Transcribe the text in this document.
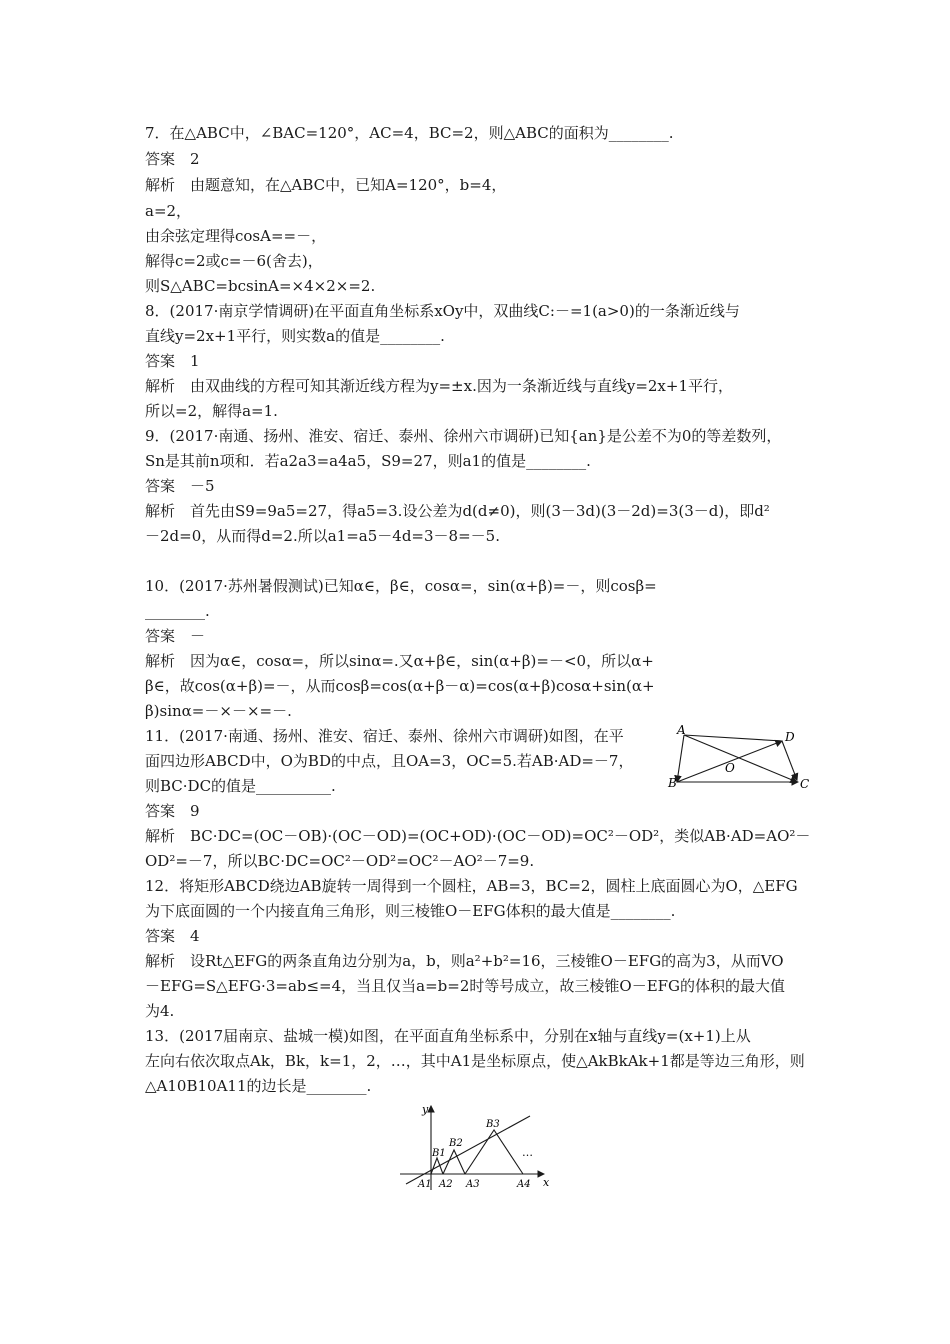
7．在△ABC中，∠BAC=120°，AC=4，BC=2，则△ABC的面积为________.
答案　2
解析　由题意知，在△ABC中，已知A=120°，b=4，
a=2，
由余弦定理得cosA==－，
解得c=2或c=－6(舍去)，
则S△ABC=bcsinA=×4×2×=2.
8．(2017·南京学情调研)在平面直角坐标系xOy中，双曲线C:－=1(a>0)的一条渐近线与
直线y=2x+1平行，则实数a的值是________.
答案　1
解析　由双曲线的方程可知其渐近线方程为y=±x.因为一条渐近线与直线y=2x+1平行，
所以=2，解得a=1.
9．(2017·南通、扬州、淮安、宿迁、泰州、徐州六市调研)已知{an}是公差不为0的等差数列，
Sn是其前n项和．若a2a3=a4a5，S9=27，则a1的值是________.
答案　－5
解析　首先由S9=9a5=27，得a5=3.设公差为d(d≠0)，则(3－3d)(3－2d)=3(3－d)，即d²
－2d=0，从而得d=2.所以a1=a5－4d=3－8=－5.
10．(2017·苏州暑假测试)已知α∈，β∈，cosα=，sin(α+β)=－，则cosβ=
________.
答案　－
解析　因为α∈，cosα=，所以sinα=.又α+β∈，sin(α+β)=－<0，所以α+
β∈，故cos(α+β)=－，从而cosβ=cos(α+β－α)=cos(α+β)cosα+sin(α+
β)sinα=－×－×=－.
11．(2017·南通、扬州、淮安、宿迁、泰州、徐州六市调研)如图，在平
面四边形ABCD中，O为BD的中点，且OA=3，OC=5.若AB·AD=－7，
则BC·DC的值是__________.
答案　9
解析　BC·DC=(OC－OB)·(OC－OD)=(OC+OD)·(OC－OD)=OC²－OD²，类似AB·AD=AO²－
OD²=－7，所以BC·DC=OC²－OD²=OC²－AO²－7=9.
A
B	C
D
O
12．将矩形ABCD绕边AB旋转一周得到一个圆柱，AB=3，BC=2，圆柱上底面圆心为O，△EFG
为下底面圆的一个内接直角三角形，则三棱锥O－EFG体积的最大值是________.
答案　4
解析　设Rt△EFG的两条直角边分别为a，b，则a²+b²=16，三棱锥O－EFG的高为3，从而VO
－EFG=S△EFG·3=ab≤=4，当且仅当a=b=2时等号成立，故三棱锥O－EFG的体积的最大值
为4.
13．(2017届南京、盐城一模)如图，在平面直角坐标系中，分别在x轴与直线y=(x+1)上从
左向右依次取点Ak，Bk，k=1，2，…，其中A1是坐标原点，使△AkBkAk+1都是等边三角形，则
△A10B10A11的边长是________.
y
x
…
A1 A2 A3	A4
B1
B2
B3
